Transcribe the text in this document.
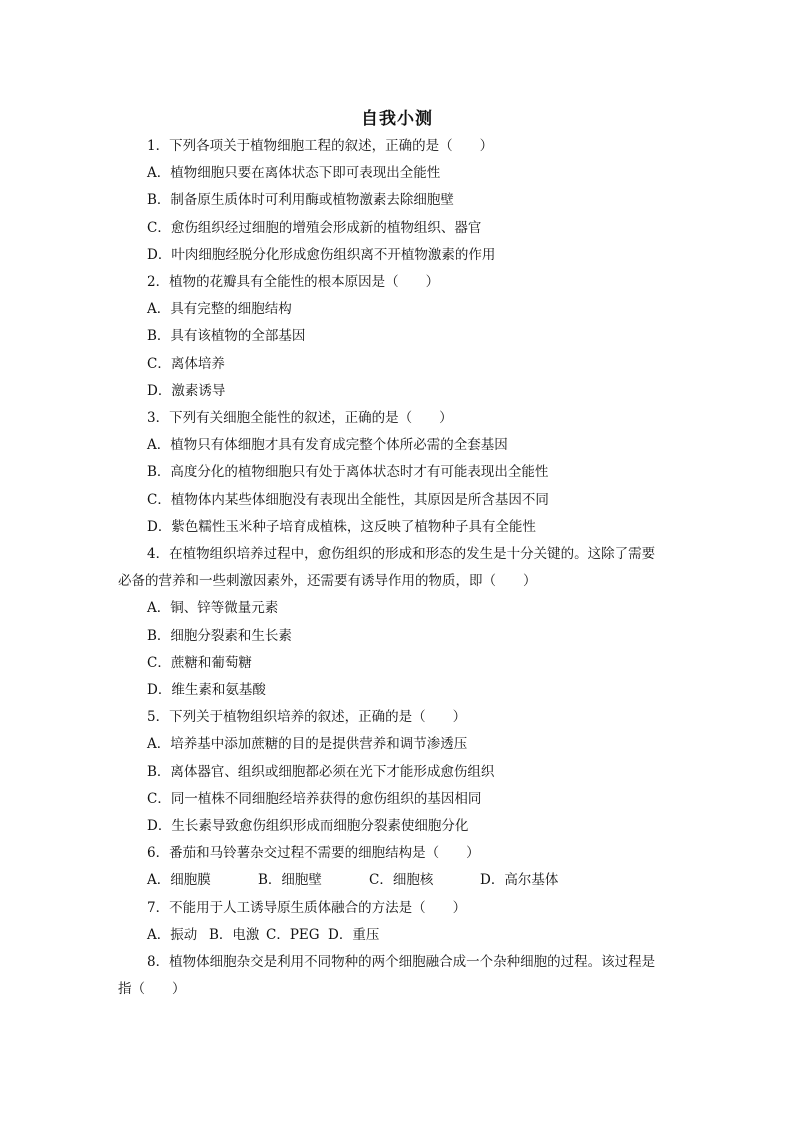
自我小测
1．下列各项关于植物细胞工程的叙述，正确的是（　　）
A．植物细胞只要在离体状态下即可表现出全能性
B．制备原生质体时可利用酶或植物激素去除细胞壁
C．愈伤组织经过细胞的增殖会形成新的植物组织、器官
D．叶肉细胞经脱分化形成愈伤组织离不开植物激素的作用
2．植物的花瓣具有全能性的根本原因是（　　）
A．具有完整的细胞结构
B．具有该植物的全部基因
C．离体培养
D．激素诱导
3．下列有关细胞全能性的叙述，正确的是（　　）
A．植物只有体细胞才具有发育成完整个体所必需的全套基因
B．高度分化的植物细胞只有处于离体状态时才有可能表现出全能性
C．植物体内某些体细胞没有表现出全能性，其原因是所含基因不同
D．紫色糯性玉米种子培育成植株，这反映了植物种子具有全能性
4．在植物组织培养过程中，愈伤组织的形成和形态的发生是十分关键的。这除了需要
必备的营养和一些刺激因素外，还需要有诱导作用的物质，即（　　）
A．铜、锌等微量元素
B．细胞分裂素和生长素
C．蔗糖和葡萄糖
D．维生素和氨基酸
5．下列关于植物组织培养的叙述，正确的是（　　）
A．培养基中添加蔗糖的目的是提供营养和调节渗透压
B．离体器官、组织或细胞都必须在光下才能形成愈伤组织
C．同一植株不同细胞经培养获得的愈伤组织的基因相同
D．生长素导致愈伤组织形成而细胞分裂素使细胞分化
6．番茄和马铃薯杂交过程不需要的细胞结构是（　　）
A．细胞膜	B．细胞壁	C．细胞核	D．高尔基体
7．不能用于人工诱导原生质体融合的方法是（　　）
A．振动 B．电激 C．PEG D．重压
8．植物体细胞杂交是利用不同物种的两个细胞融合成一个杂种细胞的过程。该过程是
指（　　）
